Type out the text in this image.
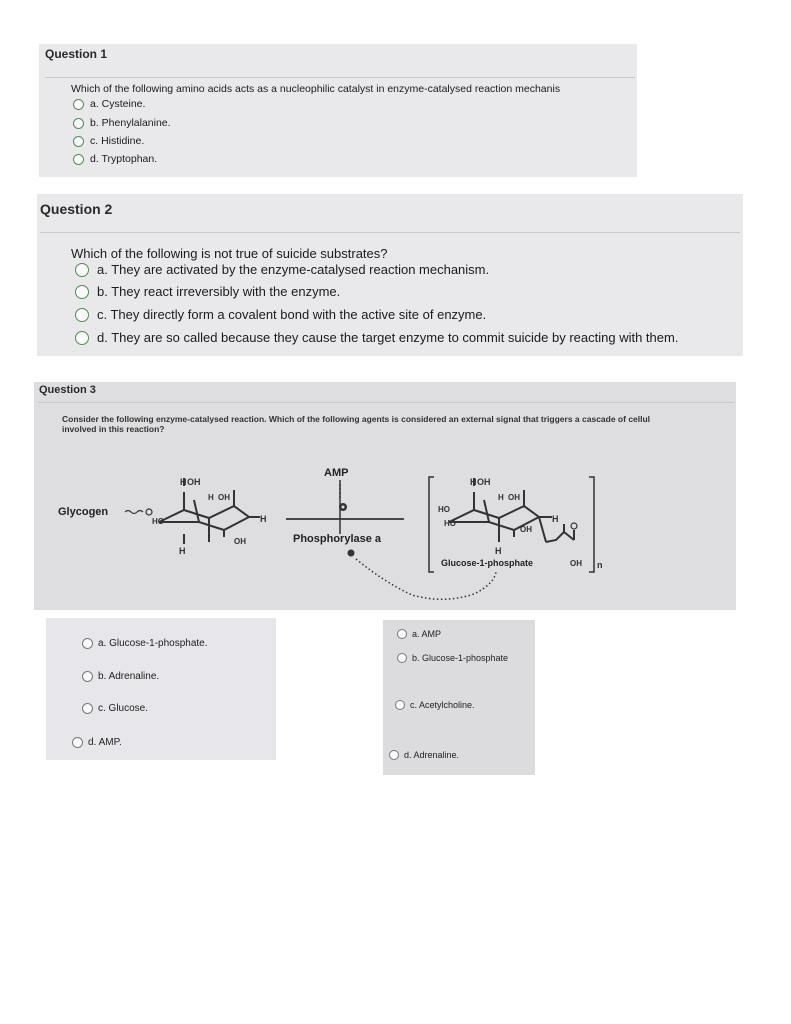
Question 1
Which of the following amino acids acts as a nucleophilic catalyst in enzyme-catalysed reaction mechanis
a. Cysteine.
b. Phenylalanine.
c. Histidine.
d. Tryptophan.
Question 2
Which of the following is not true of suicide substrates?
a. They are activated by the enzyme-catalysed reaction mechanism.
b. They react irreversibly with the enzyme.
c. They directly form a covalent bond with the active site of enzyme.
d. They are so called because they cause the target enzyme to commit suicide by reacting with them.
Question 3
Consider the following enzyme-catalysed reaction. Which of the following agents is considered an external signal that triggers a cascade of cellul
involved in this reaction?
Glycogen
H OH
H OH
HO	H
OH
H
AMP
Phosphorylase a
H OH
H OH
HO
HO	H
OH
H
Glucose-1-phosphate	OH n
a. Glucose-1-phosphate.
b. Adrenaline.
c. Glucose.
d. AMP.
a. AMP
b. Glucose-1-phosphate
c. Acetylcholine.
d. Adrenaline.
